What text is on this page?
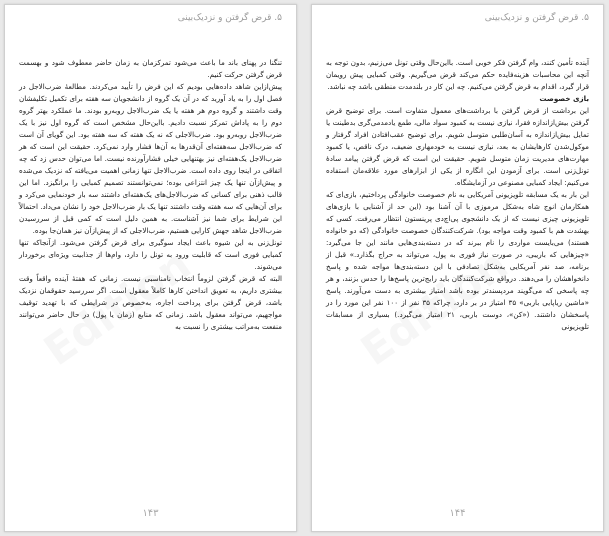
۵. قرض گرفتن و نزدیک‌بینی

تنگنا در پهنای باند ما باعث می‌شود تمرکزمان به زمان حاضر معطوف شود و بهسمت قرض گرفتن حرکت کنیم.

پیش‌ازاین شاهد داده‌هایی بودیم که این فرض را تأیید می‌کردند. مطالعهٔ ضرب‌الاجل در فصل اول را به یاد آورید که در آن یک گروه از دانشجویان سه هفته برای تکمیل تکلیفشان وقت داشتند و گروه دوم هر هفته یا یک ضرب‌الاجل روبه‌رو بودند. ما عملکرد بهتر گروه دوم را به پاداش تمرکز نسبت دادیم. بااین‌حال مشخص است که گروه اول نیز با یک ضرب‌الاجل روبه‌رو بود. ضرب‌الاجلی که نه یک هفته که سه هفته بود. این گویای آن است که ضرب‌الاجل سه‌هفته‌ای آن‌قدرها به آن‌ها فشار وارد نمی‌کرد. حقیقت این است که هر ضرب‌الاجل یک‌هفته‌ای نیز بهتنهایی خیلی فشارآورنده نیست. اما می‌توان حدس زد که چه اتفاقی در اینجا روی داده است. ضرب‌الاجل تنها زمانی اهمیت می‌یافته که نزدیک می‌شده و پیش‌ازآن تنها یک چیز انتزاعی بوده؛ نمی‌توانستند تصمیم کمبایی را برانگیزد. اما این قالب ذهنی برای کسانی که ضرب‌الاجل‌های یک‌هفته‌ای داشتند سه بار خودنمایی می‌کرد و برای آن‌هایی که سه هفته وقت داشتند تنها یک بار ضرب‌الاجل خود را نشان می‌داد. احتمالاً این شرایط برای شما نیز آشناست. به همین دلیل است که کمی قبل از سررسیدن ضرب‌الاجل شاهد جهش کارایی هستیم، ضرب‌الاجلی که از پیش‌ازآن نیز همان‌جا بوده.

تونل‌زنی به این شیوه باعث ایجاد سوگیری برای قرض گرفتن می‌شود. ازآنجاکه تنها کمبایی فوری است که قابلیت ورود به تونل را دارد، وام‌ها از جذابیت ویژه‌ای برخوردار می‌شوند.

البته که قرض گرفتن لزوماً انتخاب نامناسبی نیست. زمانی که هفتهٔ آینده واقعاً وقت بیشتری داریم، به تعویق انداختن کارها کاملاً معقول است. اگر سررسید حقوقمان نزدیک باشد، قرض گرفتن برای پرداخت اجاره، به‌خصوص در شرایطی که با تهدید توقیف مواجهیم، می‌تواند معقول باشد. زمانی که منابع (زمان یا پول) در حال حاضر می‌توانند منفعت به‌مراتب بیشتری را نسبت به

۱۴۳
۵. قرض گرفتن و نزدیک‌بینی

آینده تأمین کنند، وام گرفتن فکر خوبی است. بااین‌حال وقتی تونل می‌زنیم، بدون توجه به آنچه این محاسبات هزینه‌فایده حکم می‌کند قرض می‌گیریم. وقتی کمبایی پیش رویمان قرار گیرد، اقدام به قرض گرفتن می‌کنیم. چه این کار در بلندمدت منطقی باشد چه نباشد.

بازی خصوصت

این برداشت از قرض گرفتن با برداشت‌های معمول متفاوت است. برای توضیح قرض گرفتن بیش‌ازاندازه فقرا، نیازی نیست به کمبود سواد مالی، طمع یا‌دمدمی‌گری بدطینت یا تمایل بیش‌ازاندازه به آسان‌طلبی متوسل شویم. برای توضیح عقب‌افتادن افراد گرفتار و موکول‌شدن کارهایشان به بعد، نیازی نیست به خودمهاری ضعیف، درک ناقص، یا کمبود مهارت‌های مدیریت زمان متوسل شویم. حقیقت این است که قرض گرفتن پیامد سادهٔ تونل‌زنی است. برای آزمودن این انگاره از یکی از ابزارهای مورد علاقه‌مان استفاده می‌کنیم: ایجاد کمبایی مصنوعی در آزمایشگاه.

این بار به یک مسابقه تلویزیونی آمریکایی به نام خصوصت خانوادگی پرداختیم، بازی‌ای که همکارمان انوج شاه به‌شکل مرموزی با آن آشنا بود (این حد از آشنایی با بازی‌های تلویزیونی چیزی نیست که از یک دانشجوی پی‌اچ‌دی پرینستون انتظار می‌رفت. کسی که بهشدت هم با کمبود وقت مواجه بود). شرکت‌کنندگان خصوصت خانوادگی (که دو خانواده هستند) می‌بایست مواردی را نام ببرند که در دسته‌بندی‌هایی مانند این جا می‌گیرد: «چیزهایی که باریبی، در صورت نیاز فوری به پول، می‌تواند به حراج بگذارد.» قبل از برنامه، صد نفر آمریکایی به‌شکل تصادفی با این دسته‌بندی‌ها مواجه شده و پاسخ دانخواهشان را می‌دهند. درواقع شرکت‌کنندگان باید رایج‌ترین پاسخ‌ها را حدس بزنند، و هر چه پاسخی که می‌گویند مردپسندتر بوده باشد امتیاز بیشتری به دست می‌آورند. پاسخ «ماشین ریاپایی باربی» ۳۵ امتیاز در بر دارد، چراکه ۳۵ نفر از ۱۰۰ نفر این مورد را در پاسخشان داشتند. («کن»، دوست باربی، ۲۱ امتیاز می‌گیرد.) بسیاری از مسابقات تلویزیونی

۱۴۴
